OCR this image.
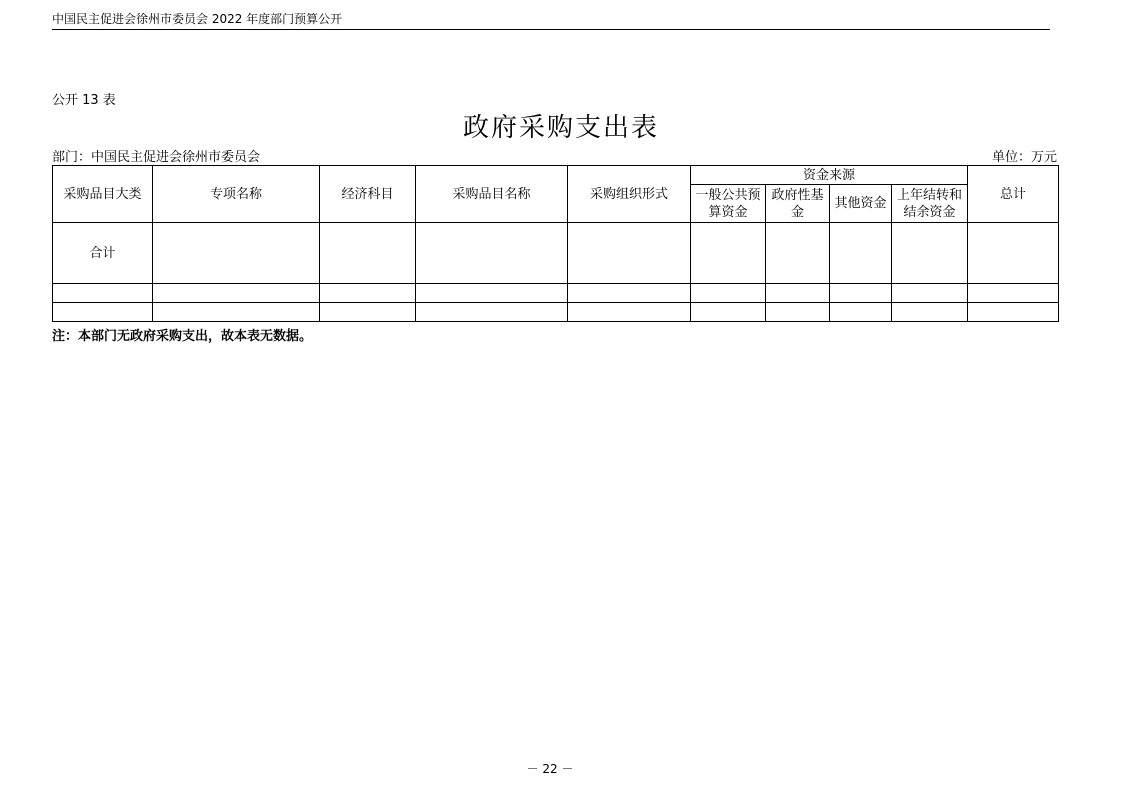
中国民主促进会徐州市委员会 2022 年度部门预算公开
公开 13 表
政府采购支出表
部门：中国民主促进会徐州市委员会	单位：万元
采购品目大类	专项名称	经济科目	采购品目名称	采购组织形式	资金来源				总计
					一般公共预算资金	政府性基金	其他资金	上年结转和结余资金	
合计									

注：本部门无政府采购支出，故本表无数据。
－ 22 －
